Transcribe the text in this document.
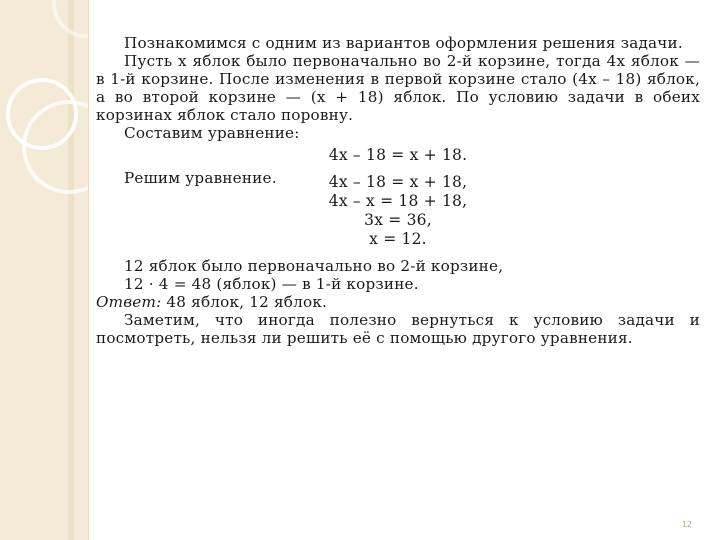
Познакомимся с одним из вариантов оформления решения задачи.

Пусть x яблок было первоначально во 2-й корзине, тогда 4x яблок — в 1-й корзине. После изменения в первой корзине стало (4x – 18) яблок, а во второй корзине — (x + 18) яблок. По условию задачи в обеих корзинах яблок стало поровну.

Составим уравнение:

4x – 18 = x + 18.

Решим уравнение.	4x – 18 = x + 18,
4x – x = 18 + 18,
3x = 36,
x = 12.

12 яблок было первоначально во 2-й корзине,

12 · 4 = 48 (яблок) — в 1-й корзине.

Ответ: 48 яблок, 12 яблок.

Заметим, что иногда полезно вернуться к условию задачи и посмотреть, нельзя ли решить её с помощью другого уравнения.

12
